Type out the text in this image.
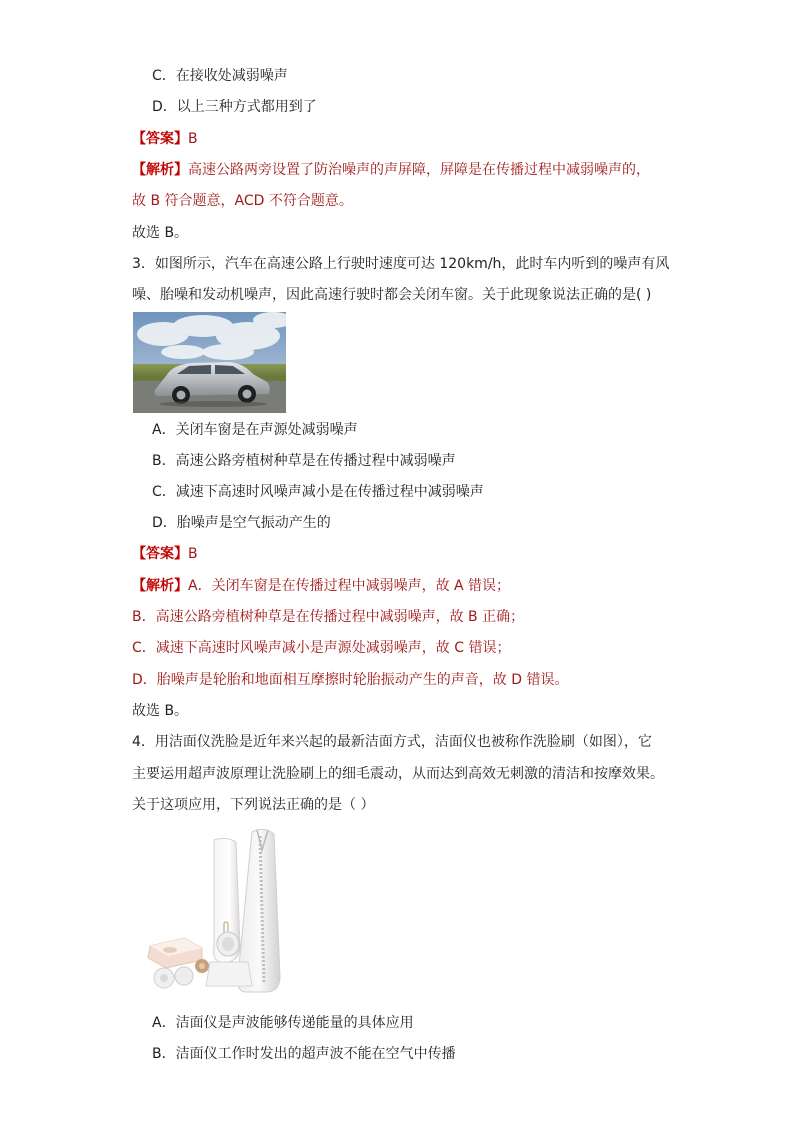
C．在接收处减弱噪声
D．以上三种方式都用到了
【答案】B
【解析】高速公路两旁设置了防治噪声的声屏障，屏障是在传播过程中减弱噪声的，
故 B 符合题意，ACD 不符合题意。
故选 B。
3．如图所示，汽车在高速公路上行驶时速度可达 120km/h，此时车内听到的噪声有风
噪、胎噪和发动机噪声，因此高速行驶时都会关闭车窗。关于此现象说法正确的是( )
A．关闭车窗是在声源处减弱噪声
B．高速公路旁植树种草是在传播过程中减弱噪声
C．减速下高速时风噪声减小是在传播过程中减弱噪声
D．胎噪声是空气振动产生的
【答案】B
【解析】A．关闭车窗是在传播过程中减弱噪声，故 A 错误；
B．高速公路旁植树种草是在传播过程中减弱噪声，故 B 正确；
C．减速下高速时风噪声减小是声源处减弱噪声，故 C 错误；
D．胎噪声是轮胎和地面相互摩擦时轮胎振动产生的声音，故 D 错误。
故选 B。
4．用洁面仪洗脸是近年来兴起的最新洁面方式，洁面仪也被称作洗脸刷（如图），它
主要运用超声波原理让洗脸刷上的细毛震动，从而达到高效无刺激的清洁和按摩效果。
关于这项应用，下列说法正确的是（ ）
A．洁面仪是声波能够传递能量的具体应用
B．洁面仪工作时发出的超声波不能在空气中传播
